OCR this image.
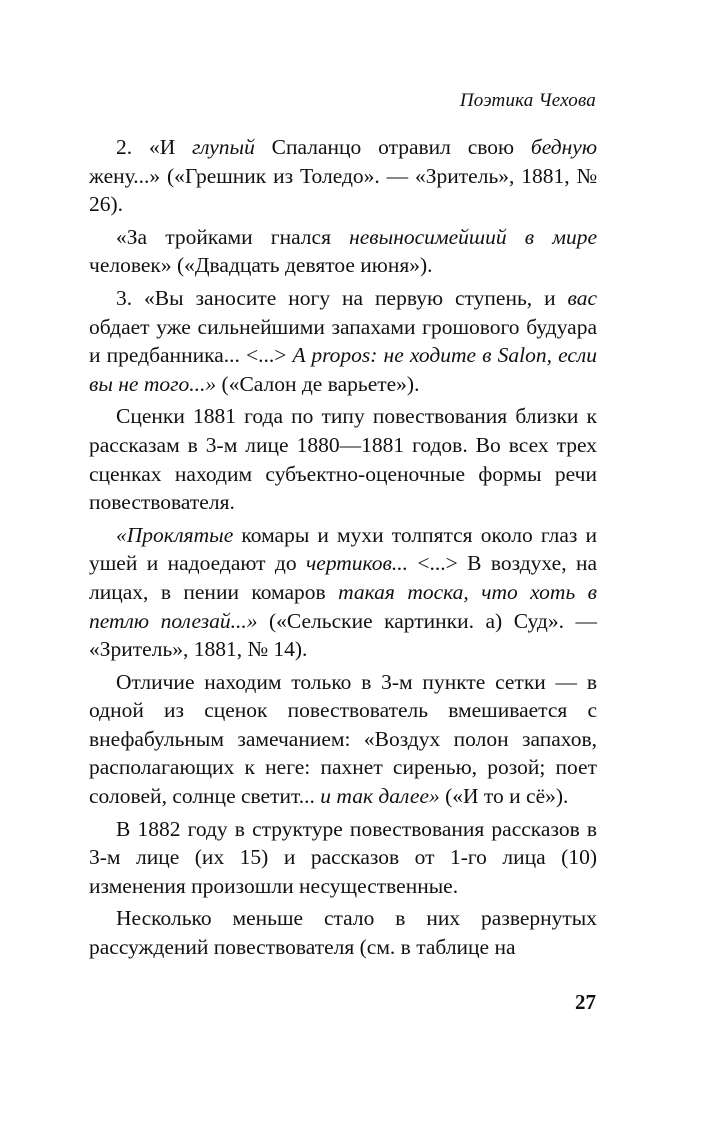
Поэтика Чехова

2. «И глупый Спаланцо отравил свою бедную жену...» («Грешник из Толедо». — «Зритель», 1881, № 26).

«За тройками гнался невыносимейший в мире человек» («Двадцать девятое июня»).

3. «Вы заносите ногу на первую ступень, и вас обдает уже сильнейшими запахами грошового будуара и предбанника... <...> A propos: не ходите в Salon, если вы не того...» («Салон де варьете»).

Сценки 1881 года по типу повествования близки к рассказам в 3-м лице 1880—1881 годов. Во всех трех сценках находим субъектно-оценочные формы речи повествователя.

«Проклятые комары и мухи толпятся около глаз и ушей и надоедают до чертиков... <...> В воздухе, на лицах, в пении комаров такая тоска, что хоть в петлю полезай...» («Сельские картинки. а) Суд». — «Зритель», 1881, № 14).

Отличие находим только в 3-м пункте сетки — в одной из сценок повествователь вмешивается с внефабульным замечанием: «Воздух полон запахов, располагающих к неге: пахнет сиренью, розой; поет соловей, солнце светит... и так далее» («И то и сё»).

В 1882 году в структуре повествования рассказов в 3-м лице (их 15) и рассказов от 1-го лица (10) изменения произошли несущественные.

Несколько меньше стало в них развернутых рассуждений повествователя (см. в таблице на

27
